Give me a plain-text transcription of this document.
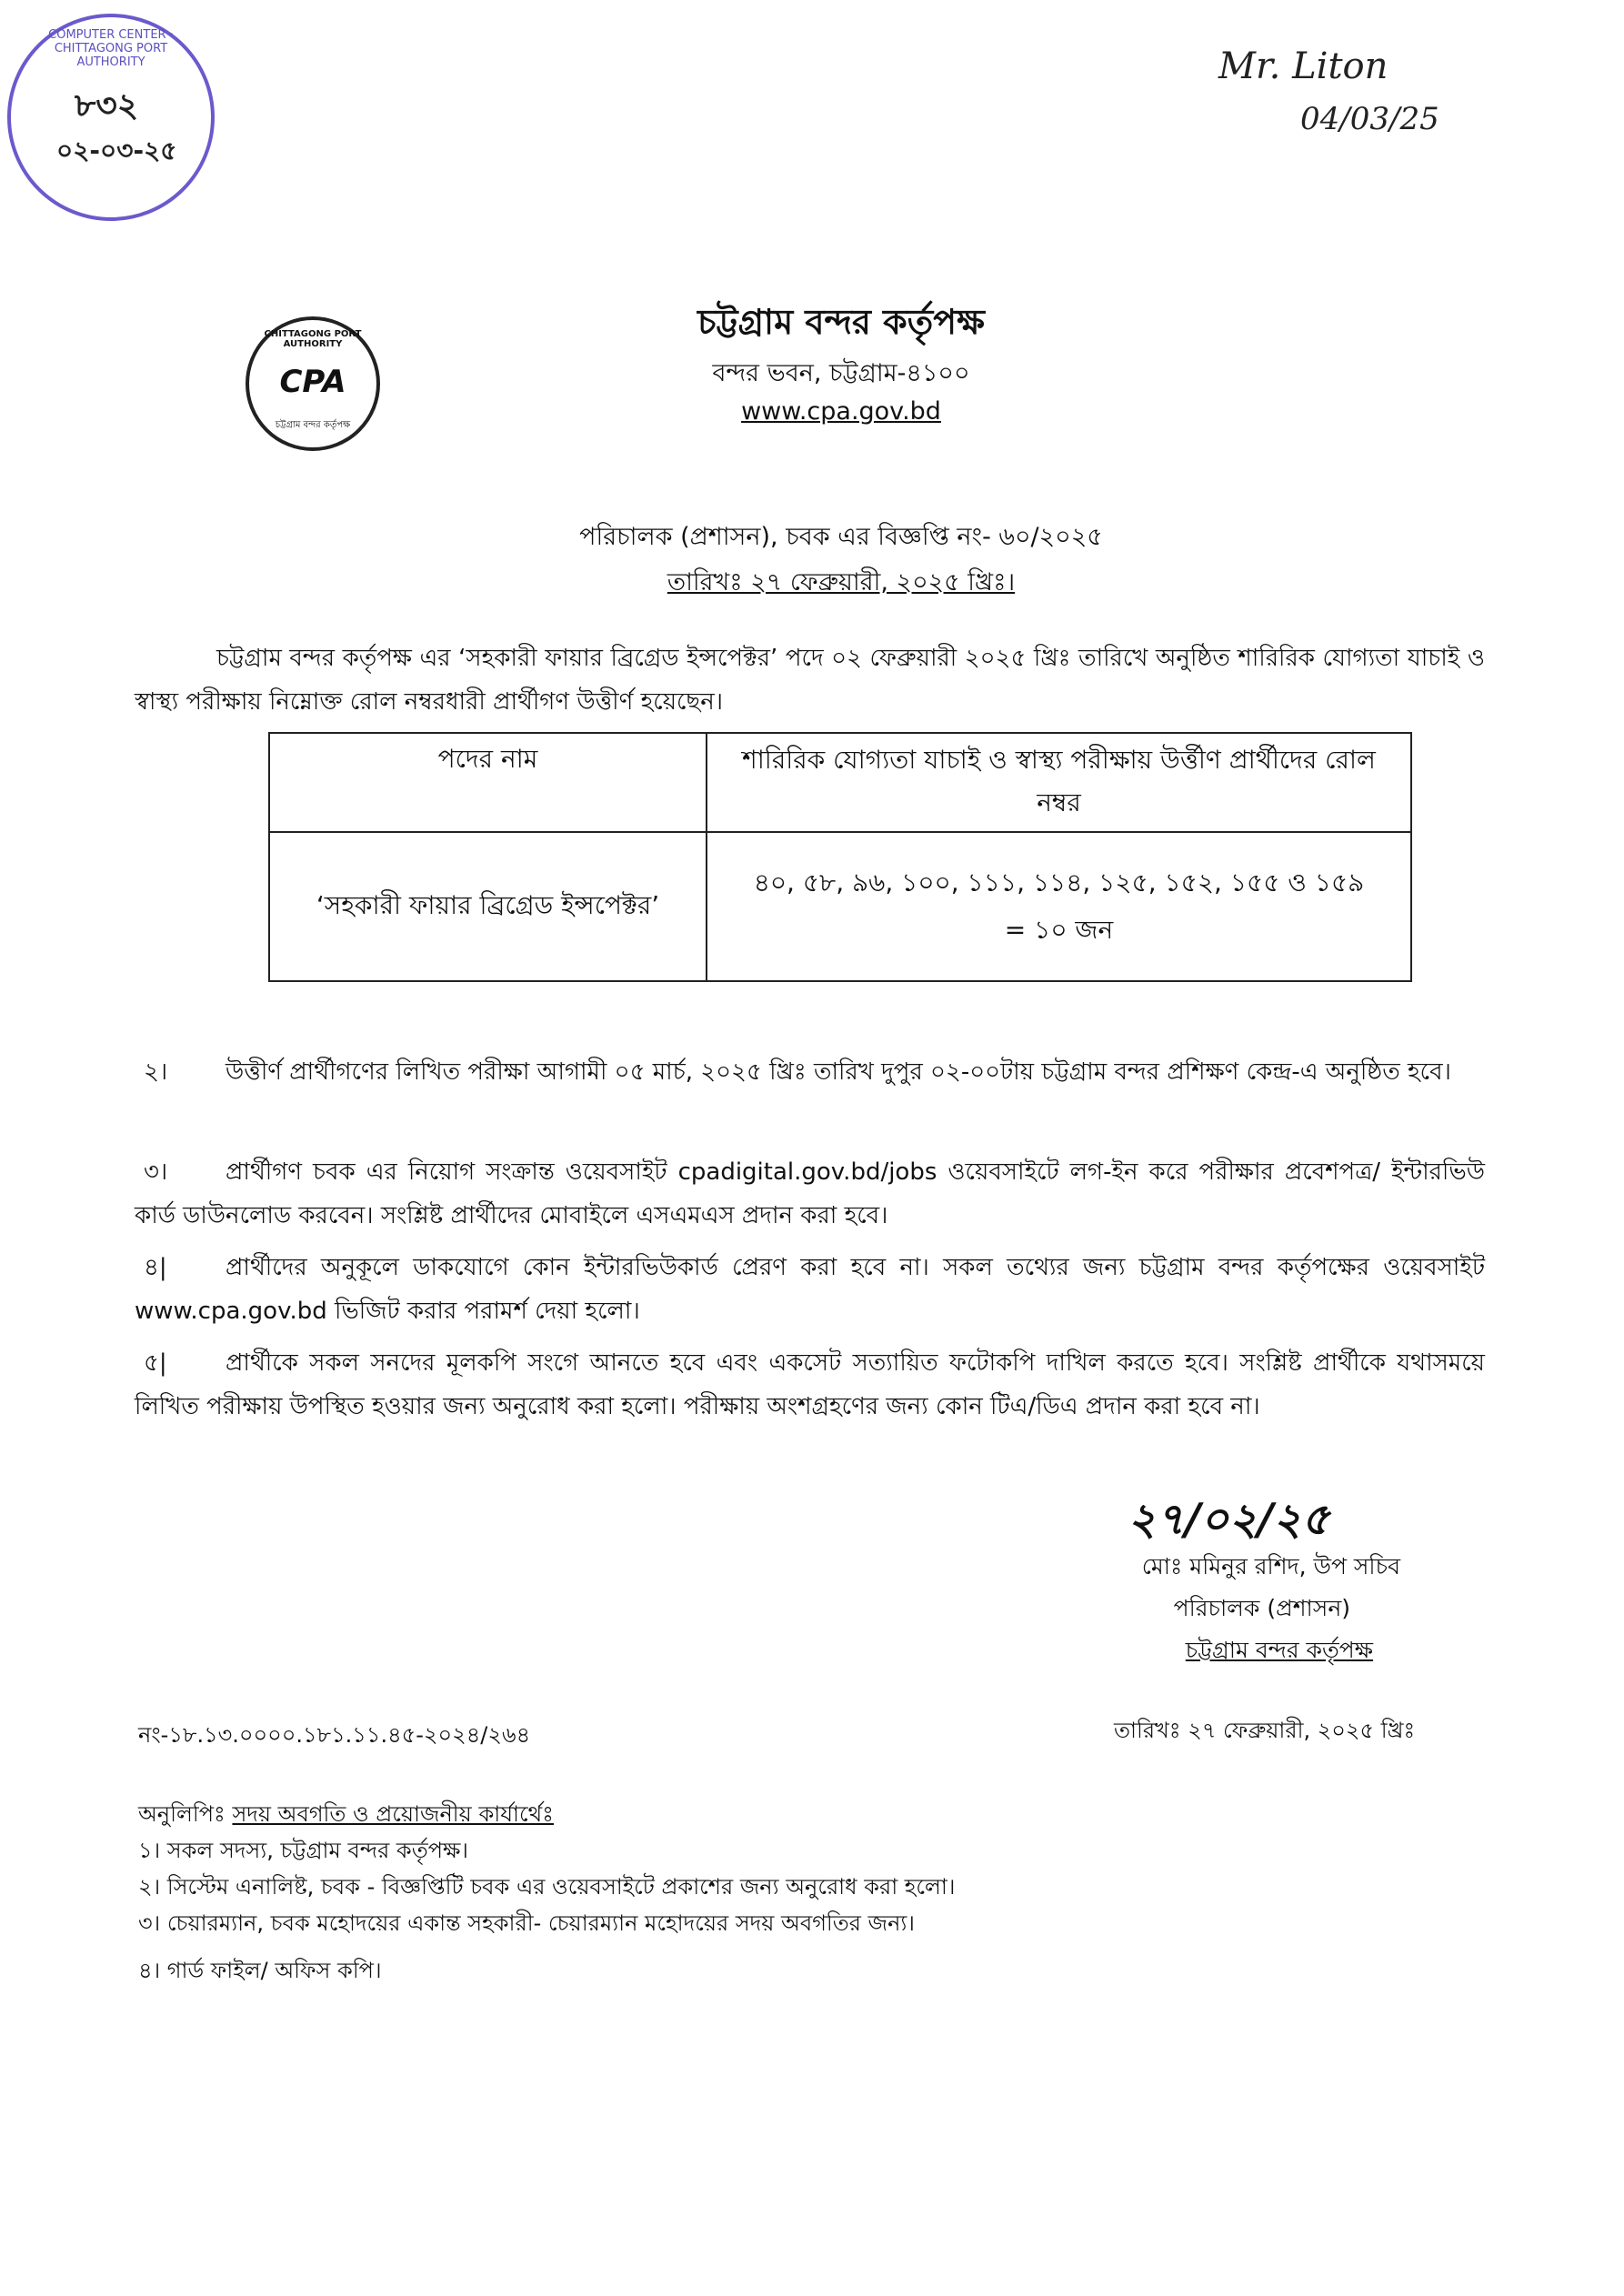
COMPUTER CENTER · CHITTAGONG PORT AUTHORITY
৮৩২
০২-০৩-২৫
Mr. Liton
04/03/25
CHITTAGONG PORT AUTHORITY
CPA
চট্টগ্রাম বন্দর কর্তৃপক্ষ
চট্টগ্রাম বন্দর কর্তৃপক্ষ
বন্দর ভবন, চট্টগ্রাম-৪১০০
www.cpa.gov.bd
পরিচালক (প্রশাসন), চবক এর বিজ্ঞপ্তি নং- ৬০/২০২৫
তারিখঃ ২৭ ফেব্রুয়ারী, ২০২৫ খ্রিঃ।
চট্টগ্রাম বন্দর কর্তৃপক্ষ এর ‘সহকারী ফায়ার ব্রিগ্রেড ইন্সপেক্টর’ পদে ০২ ফেব্রুয়ারী ২০২৫ খ্রিঃ তারিখে অনুষ্ঠিত শারিরিক যোগ্যতা যাচাই ও স্বাস্থ্য পরীক্ষায় নিম্নোক্ত রোল নম্বরধারী প্রার্থীগণ উত্তীর্ণ হয়েছেন।
পদের নাম	শারিরিক যোগ্যতা যাচাই ও স্বাস্থ্য পরীক্ষায় উর্ত্তীণ প্রার্থীদের রোল নম্বর
‘সহকারী ফায়ার ব্রিগ্রেড ইন্সপেক্টর’	৪০, ৫৮, ৯৬, ১০০, ১১১, ১১৪, ১২৫, ১৫২, ১৫৫ ও ১৫৯
= ১০ জন
২।	উত্তীর্ণ প্রার্থীগণের লিখিত পরীক্ষা আগামী ০৫ মার্চ, ২০২৫ খ্রিঃ তারিখ দুপুর ০২-০০টায় চট্টগ্রাম বন্দর প্রশিক্ষণ কেন্দ্র-এ অনুষ্ঠিত হবে।
৩।	প্রার্থীগণ চবক এর নিয়োগ সংক্রান্ত ওয়েবসাইট cpadigital.gov.bd/jobs ওয়েবসাইটে লগ-ইন করে পরীক্ষার প্রবেশপত্র/ ইন্টারভিউ কার্ড ডাউনলোড করবেন। সংশ্লিষ্ট প্রার্থীদের মোবাইলে এসএমএস প্রদান করা হবে।
৪|	প্রার্থীদের অনুকূলে ডাকযোগে কোন ইন্টারভিউকার্ড প্রেরণ করা হবে না। সকল তথ্যের জন্য চট্টগ্রাম বন্দর কর্তৃপক্ষের ওয়েবসাইট www.cpa.gov.bd ভিজিট করার পরামর্শ দেয়া হলো।
৫|	প্রার্থীকে সকল সনদের মূলকপি সংগে আনতে হবে এবং একসেট সত্যায়িত ফটোকপি দাখিল করতে হবে। সংশ্লিষ্ট প্রার্থীকে যথাসময়ে লিখিত পরীক্ষায় উপস্থিত হওয়ার জন্য অনুরোধ করা হলো। পরীক্ষায় অংশগ্রহণের জন্য কোন টিএ/ডিএ প্রদান করা হবে না।
২৭/০২/২৫
মোঃ মমিনুর রশিদ, উপ সচিব
পরিচালক (প্রশাসন)
চট্টগ্রাম বন্দর কর্তৃপক্ষ
নং-১৮.১৩.০০০০.১৮১.১১.৪৫-২০২৪/২৬৪	তারিখঃ ২৭ ফেব্রুয়ারী, ২০২৫ খ্রিঃ
অনুলিপিঃ সদয় অবগতি ও প্রয়োজনীয় কার্যার্থেঃ
১। সকল সদস্য, চট্টগ্রাম বন্দর কর্তৃপক্ষ।
২। সিস্টেম এনালিষ্ট, চবক - বিজ্ঞপ্তিটি চবক এর ওয়েবসাইটে প্রকাশের জন্য অনুরোধ করা হলো।
৩। চেয়ারম্যান, চবক মহোদয়ের একান্ত সহকারী- চেয়ারম্যান মহোদয়ের সদয় অবগতির জন্য।
৪। গার্ড ফাইল/ অফিস কপি।
